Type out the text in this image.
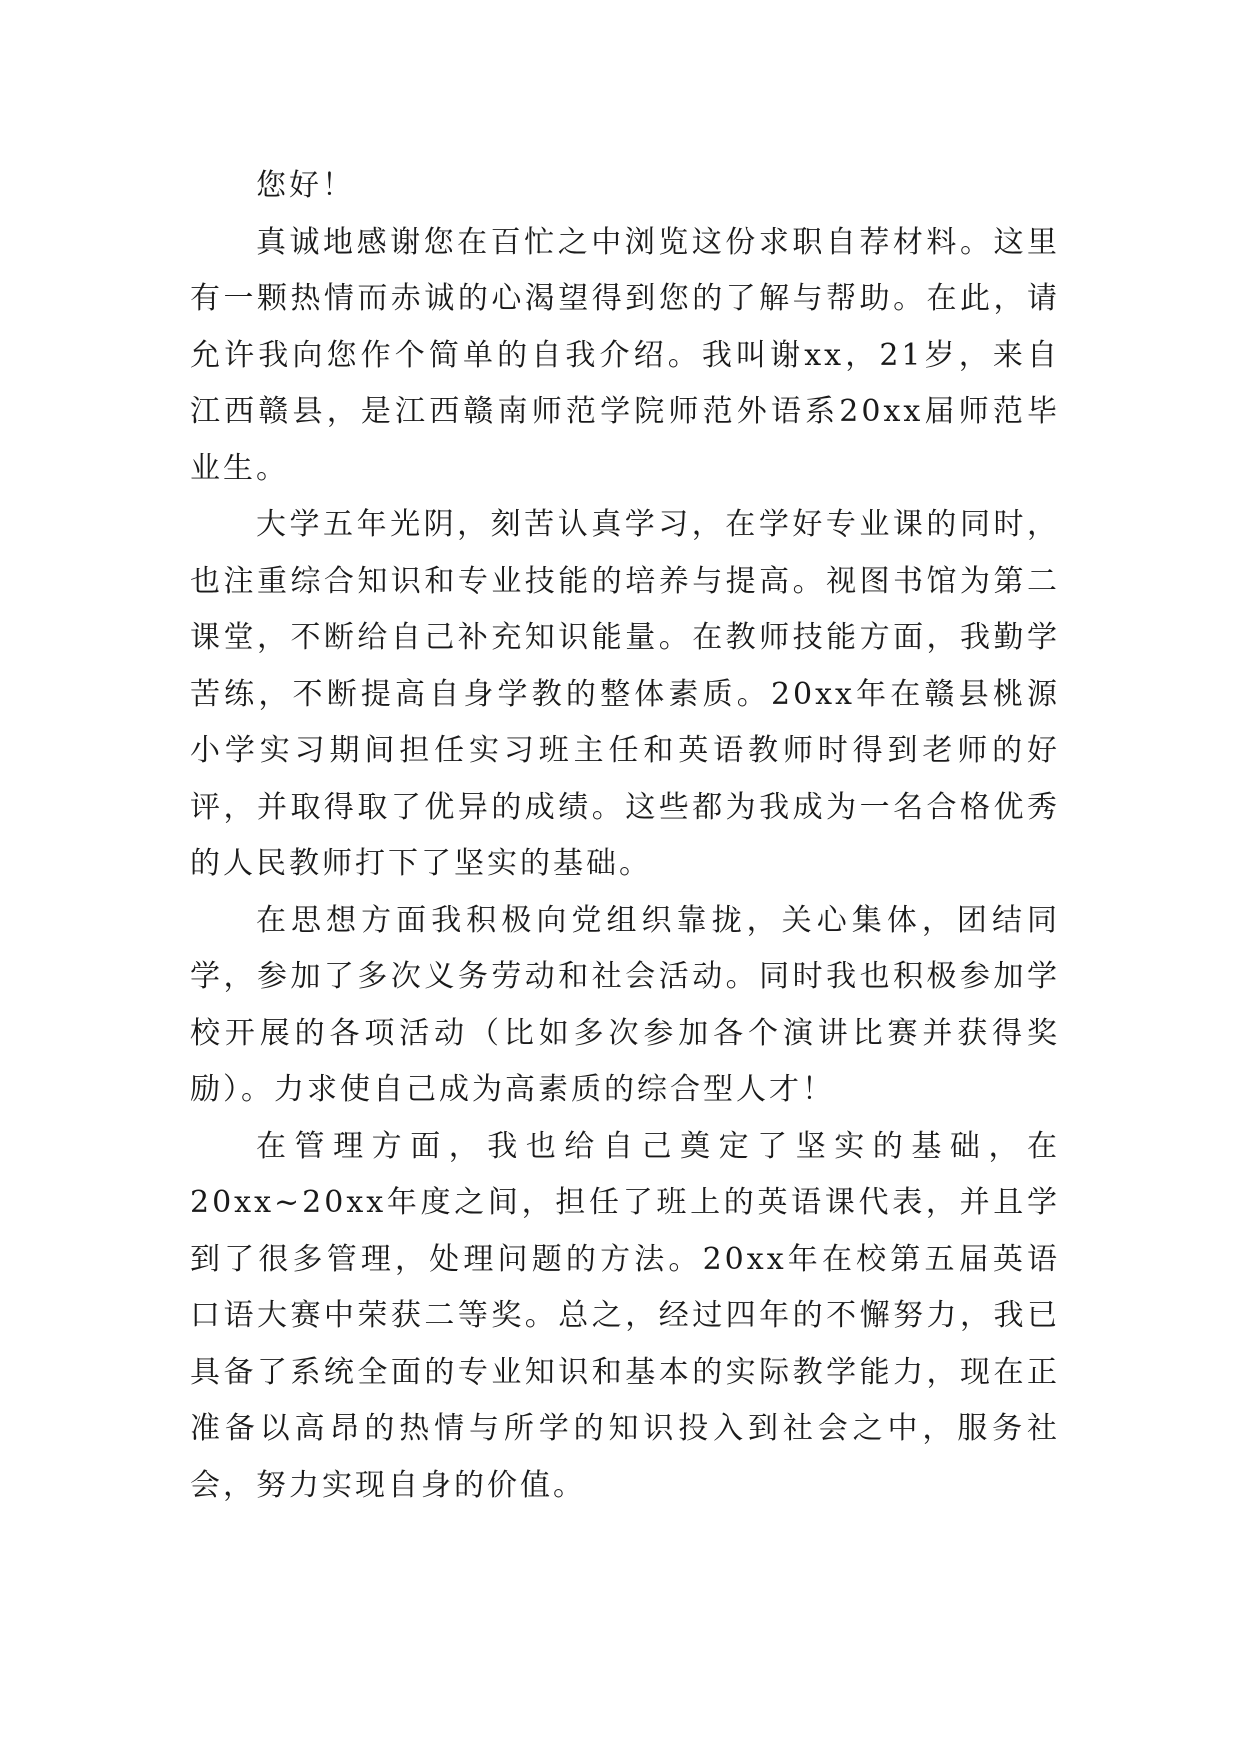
您好！

真诚地感谢您在百忙之中浏览这份求职自荐材料。这里有一颗热情而赤诚的心渴望得到您的了解与帮助。在此，请允许我向您作个简单的自我介绍。我叫谢xx，21岁，来自江西赣县，是江西赣南师范学院师范外语系20xx届师范毕业生。

大学五年光阴，刻苦认真学习，在学好专业课的同时，也注重综合知识和专业技能的培养与提高。视图书馆为第二课堂，不断给自己补充知识能量。在教师技能方面，我勤学苦练，不断提高自身学教的整体素质。20xx年在赣县桃源小学实习期间担任实习班主任和英语教师时得到老师的好评，并取得取了优异的成绩。这些都为我成为一名合格优秀的人民教师打下了坚实的基础。

在思想方面我积极向党组织靠拢，关心集体，团结同学，参加了多次义务劳动和社会活动。同时我也积极参加学校开展的各项活动（比如多次参加各个演讲比赛并获得奖励）。力求使自己成为高素质的综合型人才！

在管理方面，我也给自己奠定了坚实的基础，在20xx~20xx年度之间，担任了班上的英语课代表，并且学到了很多管理，处理问题的方法。20xx年在校第五届英语口语大赛中荣获二等奖。总之，经过四年的不懈努力，我已具备了系统全面的专业知识和基本的实际教学能力，现在正准备以高昂的热情与所学的知识投入到社会之中，服务社会，努力实现自身的价值。
